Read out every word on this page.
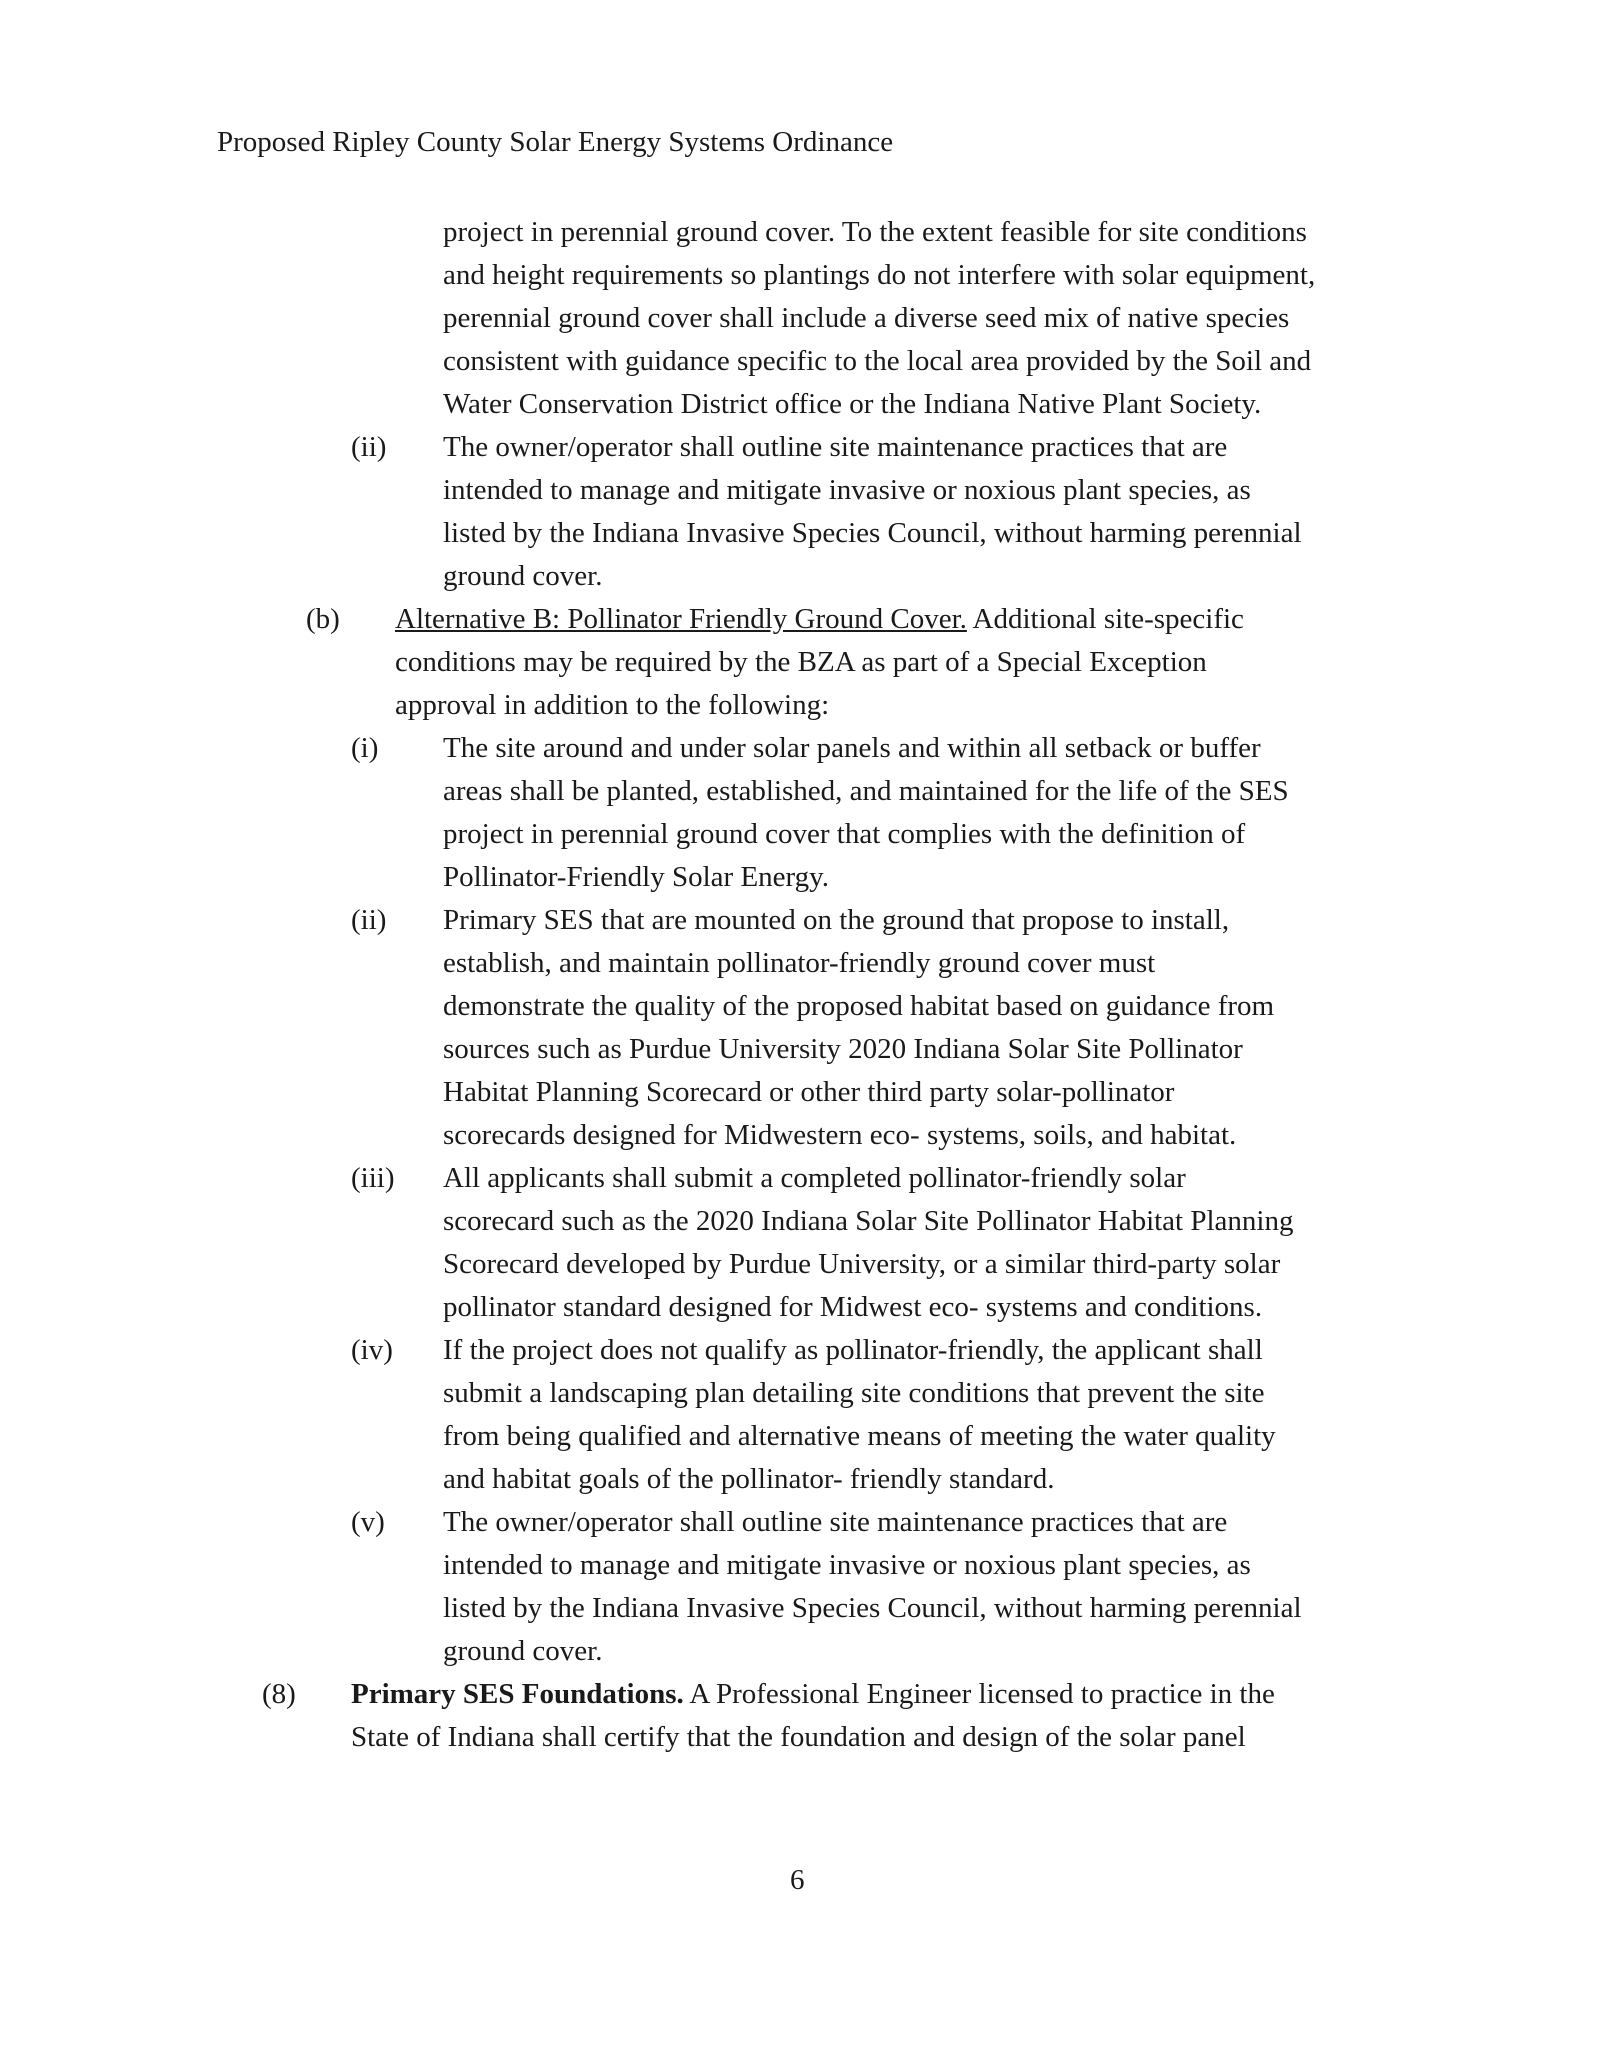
Proposed Ripley County Solar Energy Systems Ordinance
project in perennial ground cover. To the extent feasible for site conditions
and height requirements so plantings do not interfere with solar equipment,
perennial ground cover shall include a diverse seed mix of native species
consistent with guidance specific to the local area provided by the Soil and
Water Conservation District office or the Indiana Native Plant Society.
(ii) The owner/operator shall outline site maintenance practices that are
intended to manage and mitigate invasive or noxious plant species, as
listed by the Indiana Invasive Species Council, without harming perennial
ground cover.
(b) Alternative B: Pollinator Friendly Ground Cover. Additional site-specific
conditions may be required by the BZA as part of a Special Exception
approval in addition to the following:
(i) The site around and under solar panels and within all setback or buffer
areas shall be planted, established, and maintained for the life of the SES
project in perennial ground cover that complies with the definition of
Pollinator-Friendly Solar Energy.
(ii) Primary SES that are mounted on the ground that propose to install,
establish, and maintain pollinator-friendly ground cover must
demonstrate the quality of the proposed habitat based on guidance from
sources such as Purdue University 2020 Indiana Solar Site Pollinator
Habitat Planning Scorecard or other third party solar-pollinator
scorecards designed for Midwestern eco- systems, soils, and habitat.
(iii) All applicants shall submit a completed pollinator-friendly solar
scorecard such as the 2020 Indiana Solar Site Pollinator Habitat Planning
Scorecard developed by Purdue University, or a similar third-party solar
pollinator standard designed for Midwest eco- systems and conditions.
(iv) If the project does not qualify as pollinator-friendly, the applicant shall
submit a landscaping plan detailing site conditions that prevent the site
from being qualified and alternative means of meeting the water quality
and habitat goals of the pollinator- friendly standard.
(v) The owner/operator shall outline site maintenance practices that are
intended to manage and mitigate invasive or noxious plant species, as
listed by the Indiana Invasive Species Council, without harming perennial
ground cover.
(8) Primary SES Foundations. A Professional Engineer licensed to practice in the
State of Indiana shall certify that the foundation and design of the solar panel
6
